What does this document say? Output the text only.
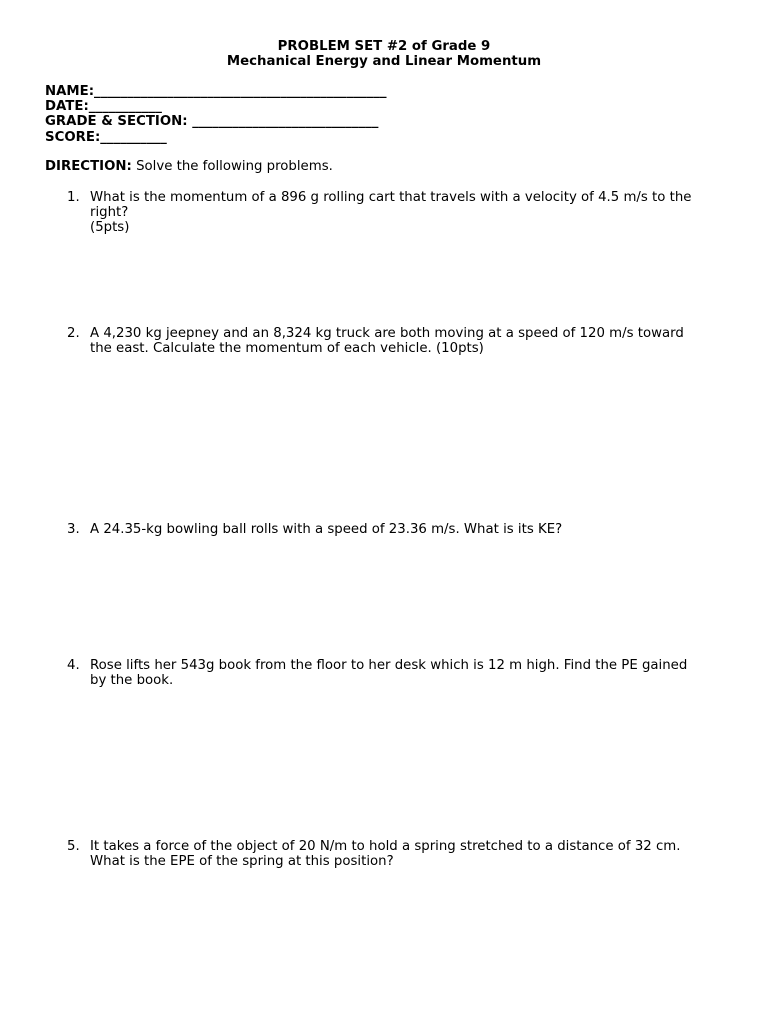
PROBLEM SET #2 of Grade 9
Mechanical Energy and Linear Momentum
NAME:____________________________________________
DATE:___________
GRADE & SECTION: ____________________________
SCORE:__________
DIRECTION: Solve the following problems.
1. What is the momentum of a 896 g rolling cart that travels with a velocity of 4.5 m/s to the
right?
(5pts)
2. A 4,230 kg jeepney and an 8,324 kg truck are both moving at a speed of 120 m/s toward
the east. Calculate the momentum of each vehicle. (10pts)
3. A 24.35-kg bowling ball rolls with a speed of 23.36 m/s. What is its KE?
4. Rose lifts her 543g book from the floor to her desk which is 12 m high. Find the PE gained
by the book.
5. It takes a force of the object of 20 N/m to hold a spring stretched to a distance of 32 cm.
What is the EPE of the spring at this position?
